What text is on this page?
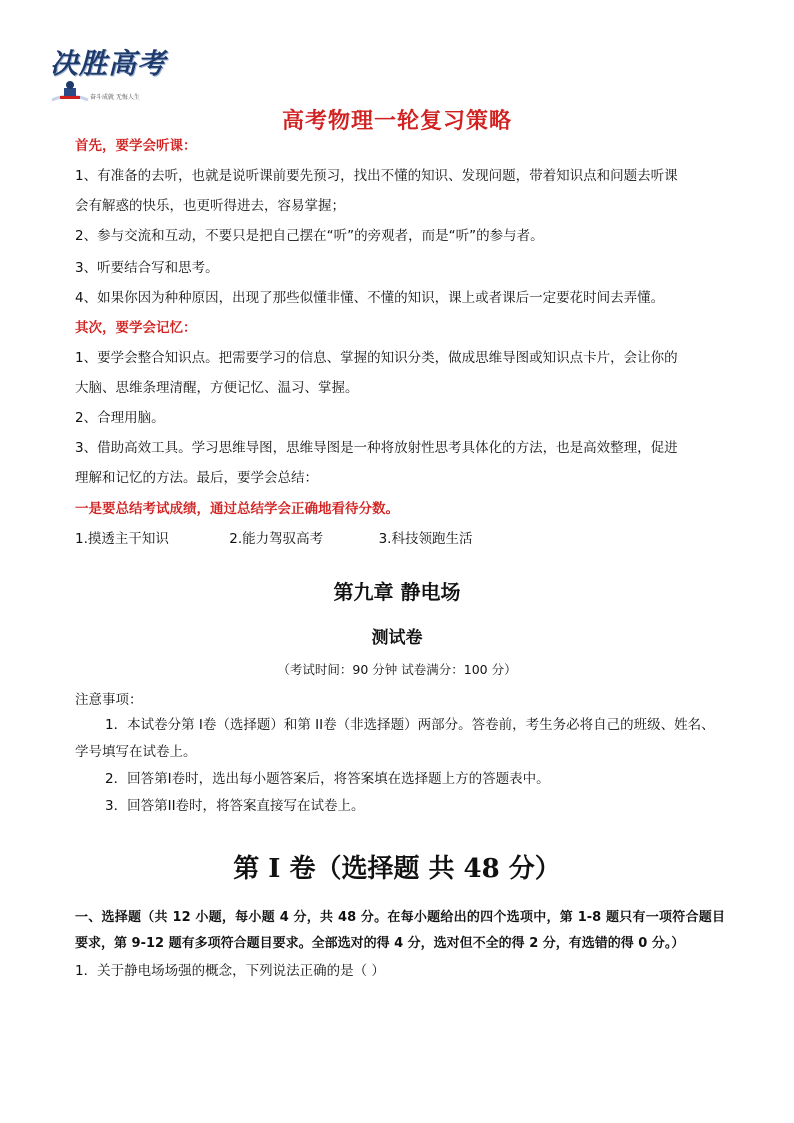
决胜高考
奋斗成就 无悔人生
高考物理一轮复习策略
首先，要学会听课：
1、有准备的去听，也就是说听课前要先预习，找出不懂的知识、发现问题，带着知识点和问题去听课
会有解惑的快乐，也更听得进去，容易掌握；
2、参与交流和互动，不要只是把自己摆在“听”的旁观者，而是“听”的参与者。
3、听要结合写和思考。
4、如果你因为种种原因，出现了那些似懂非懂、不懂的知识，课上或者课后一定要花时间去弄懂。
其次，要学会记忆：
1、要学会整合知识点。把需要学习的信息、掌握的知识分类，做成思维导图或知识点卡片，会让你的
大脑、思维条理清醒，方便记忆、温习、掌握。
2、合理用脑。
3、借助高效工具。学习思维导图，思维导图是一种将放射性思考具体化的方法，也是高效整理，促进
理解和记忆的方法。最后，要学会总结：
一是要总结考试成绩，通过总结学会正确地看待分数。
1.摸透主干知识	2.能力驾驭高考	3.科技领跑生活
第九章 静电场
测试卷
（考试时间：90 分钟 试卷满分：100 分）
注意事项：
1．本试卷分第 I卷（选择题）和第 II卷（非选择题）两部分。答卷前，考生务必将自己的班级、姓名、
学号填写在试卷上。
2．回答第I卷时，选出每小题答案后，将答案填在选择题上方的答题表中。
3．回答第II卷时，将答案直接写在试卷上。
第 I 卷（选择题 共 48 分）
一、选择题（共 12 小题，每小题 4 分，共 48 分。在每小题给出的四个选项中，第 1-8 题只有一项符合题目要求，第 9-12 题有多项符合题目要求。全部选对的得 4 分，选对但不全的得 2 分，有选错的得 0 分。）
1．关于静电场场强的概念，下列说法正确的是（ ）
